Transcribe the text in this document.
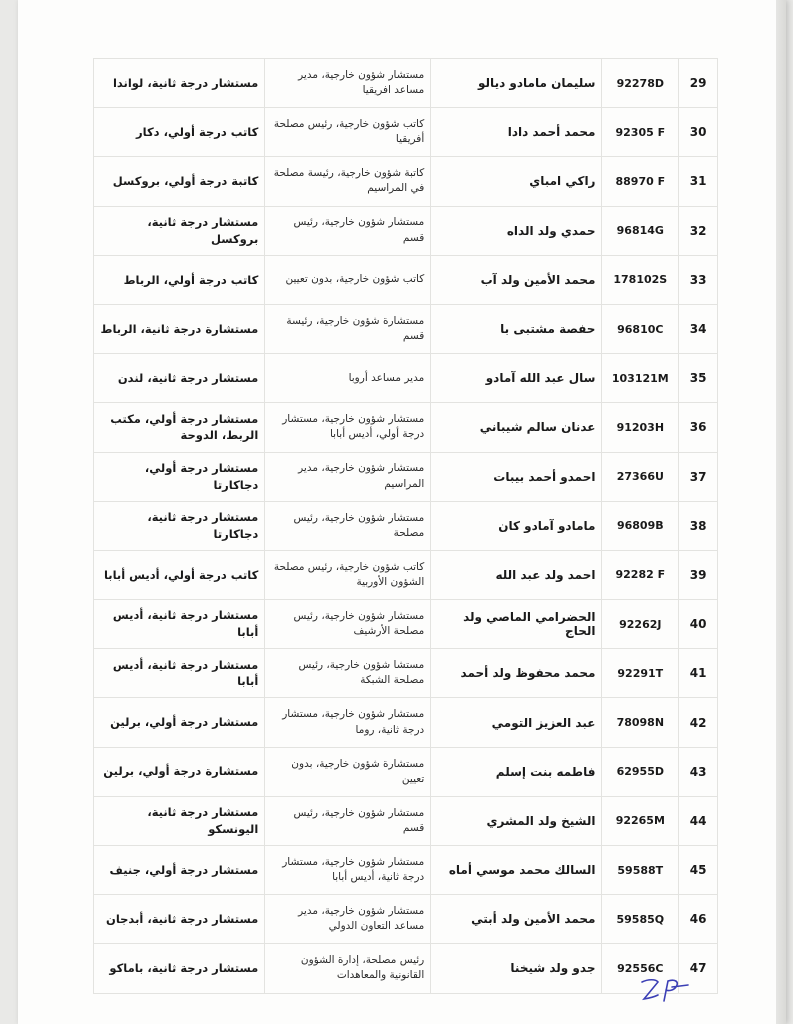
29	92278D	سليمان مامادو ديالو	مستشار شؤون خارجية، مدير مساعد افريقيا	مستشار درجة ثانية، لواندا
30	92305 F	محمد أحمد دادا	كاتب شؤون خارجية، رئيس مصلحة أفريقيا	كاتب درجة أولي، دكار
31	88970 F	راكي امباي	كاتبة شؤون خارجية، رئيسة مصلحة في المراسيم	كاتبة درجة أولي، بروكسل
32	96814G	حمدي ولد الداه	مستشار شؤون خارجية، رئيس قسم	مستشار درجة ثانية، بروكسل
33	178102S	محمد الأمين ولد آب	كاتب شؤون خارجية، بدون تعيين	كاتب درجة أولي، الرباط
34	96810C	حفصة مشتبى با	مستشارة شؤون خارجية، رئيسة قسم	مستشارة درجة ثانية، الرباط
35	103121M	سال عبد الله آمادو	مدير مساعد أروبا	مستشار درجة ثانية، لندن
36	91203H	عدنان سالم شيباني	مستشار شؤون خارجية، مستشار درجة أولي، أديس أبابا	مستشار درجة أولي، مكتب الربط، الدوحة
37	27366U	احمدو أحمد بيبات	مستشار شؤون خارجية، مدير المراسيم	مستشار درجة أولي، دجاكارتا
38	96809B	مامادو آمادو كان	مستشار شؤون خارجية، رئيس مصلحة	مستشار درجة ثانية، دجاكارتا
39	92282 F	احمد ولد عبد الله	كاتب شؤون خارجية، رئيس مصلحة الشؤون الأوربية	كاتب درجة أولي، أديس أبابا
40	92262J	الحضرامي الماصي ولد الحاج	مستشار شؤون خارجية، رئيس مصلحة الأرشيف	مستشار درجة ثانية، أديس أبابا
41	92291T	محمد محفوظ ولد أحمد	مستشا شؤون خارجية، رئيس مصلحة الشبكة	مستشار درجة ثانية، أديس أبابا
42	78098N	عبد العزيز التومي	مستشار شؤون خارجية، مستشار درجة ثانية، روما	مستشار درجة أولي، برلين
43	62955D	فاطمه بنت إسلم	مستشارة شؤون خارجية، بدون تعيين	مستشارة درجة أولي، برلين
44	92265M	الشيخ ولد المشري	مستشار شؤون خارجية، رئيس قسم	مستشار درجة ثانية، اليونسكو
45	59588T	السالك محمد موسي أماه	مستشار شؤون خارجية، مستشار درجة ثانية، أديس أبابا	مستشار درجة أولي، جنيف
46	59585Q	محمد الأمين ولد أبتي	مستشار شؤون خارجية، مدير مساعد التعاون الدولي	مستشار درجة ثانية، أبدجان
47	92556C	جدو ولد شيخنا	رئيس مصلحة، إدارة الشؤون القانونية والمعاهدات	مستشار درجة ثانية، باماكو
